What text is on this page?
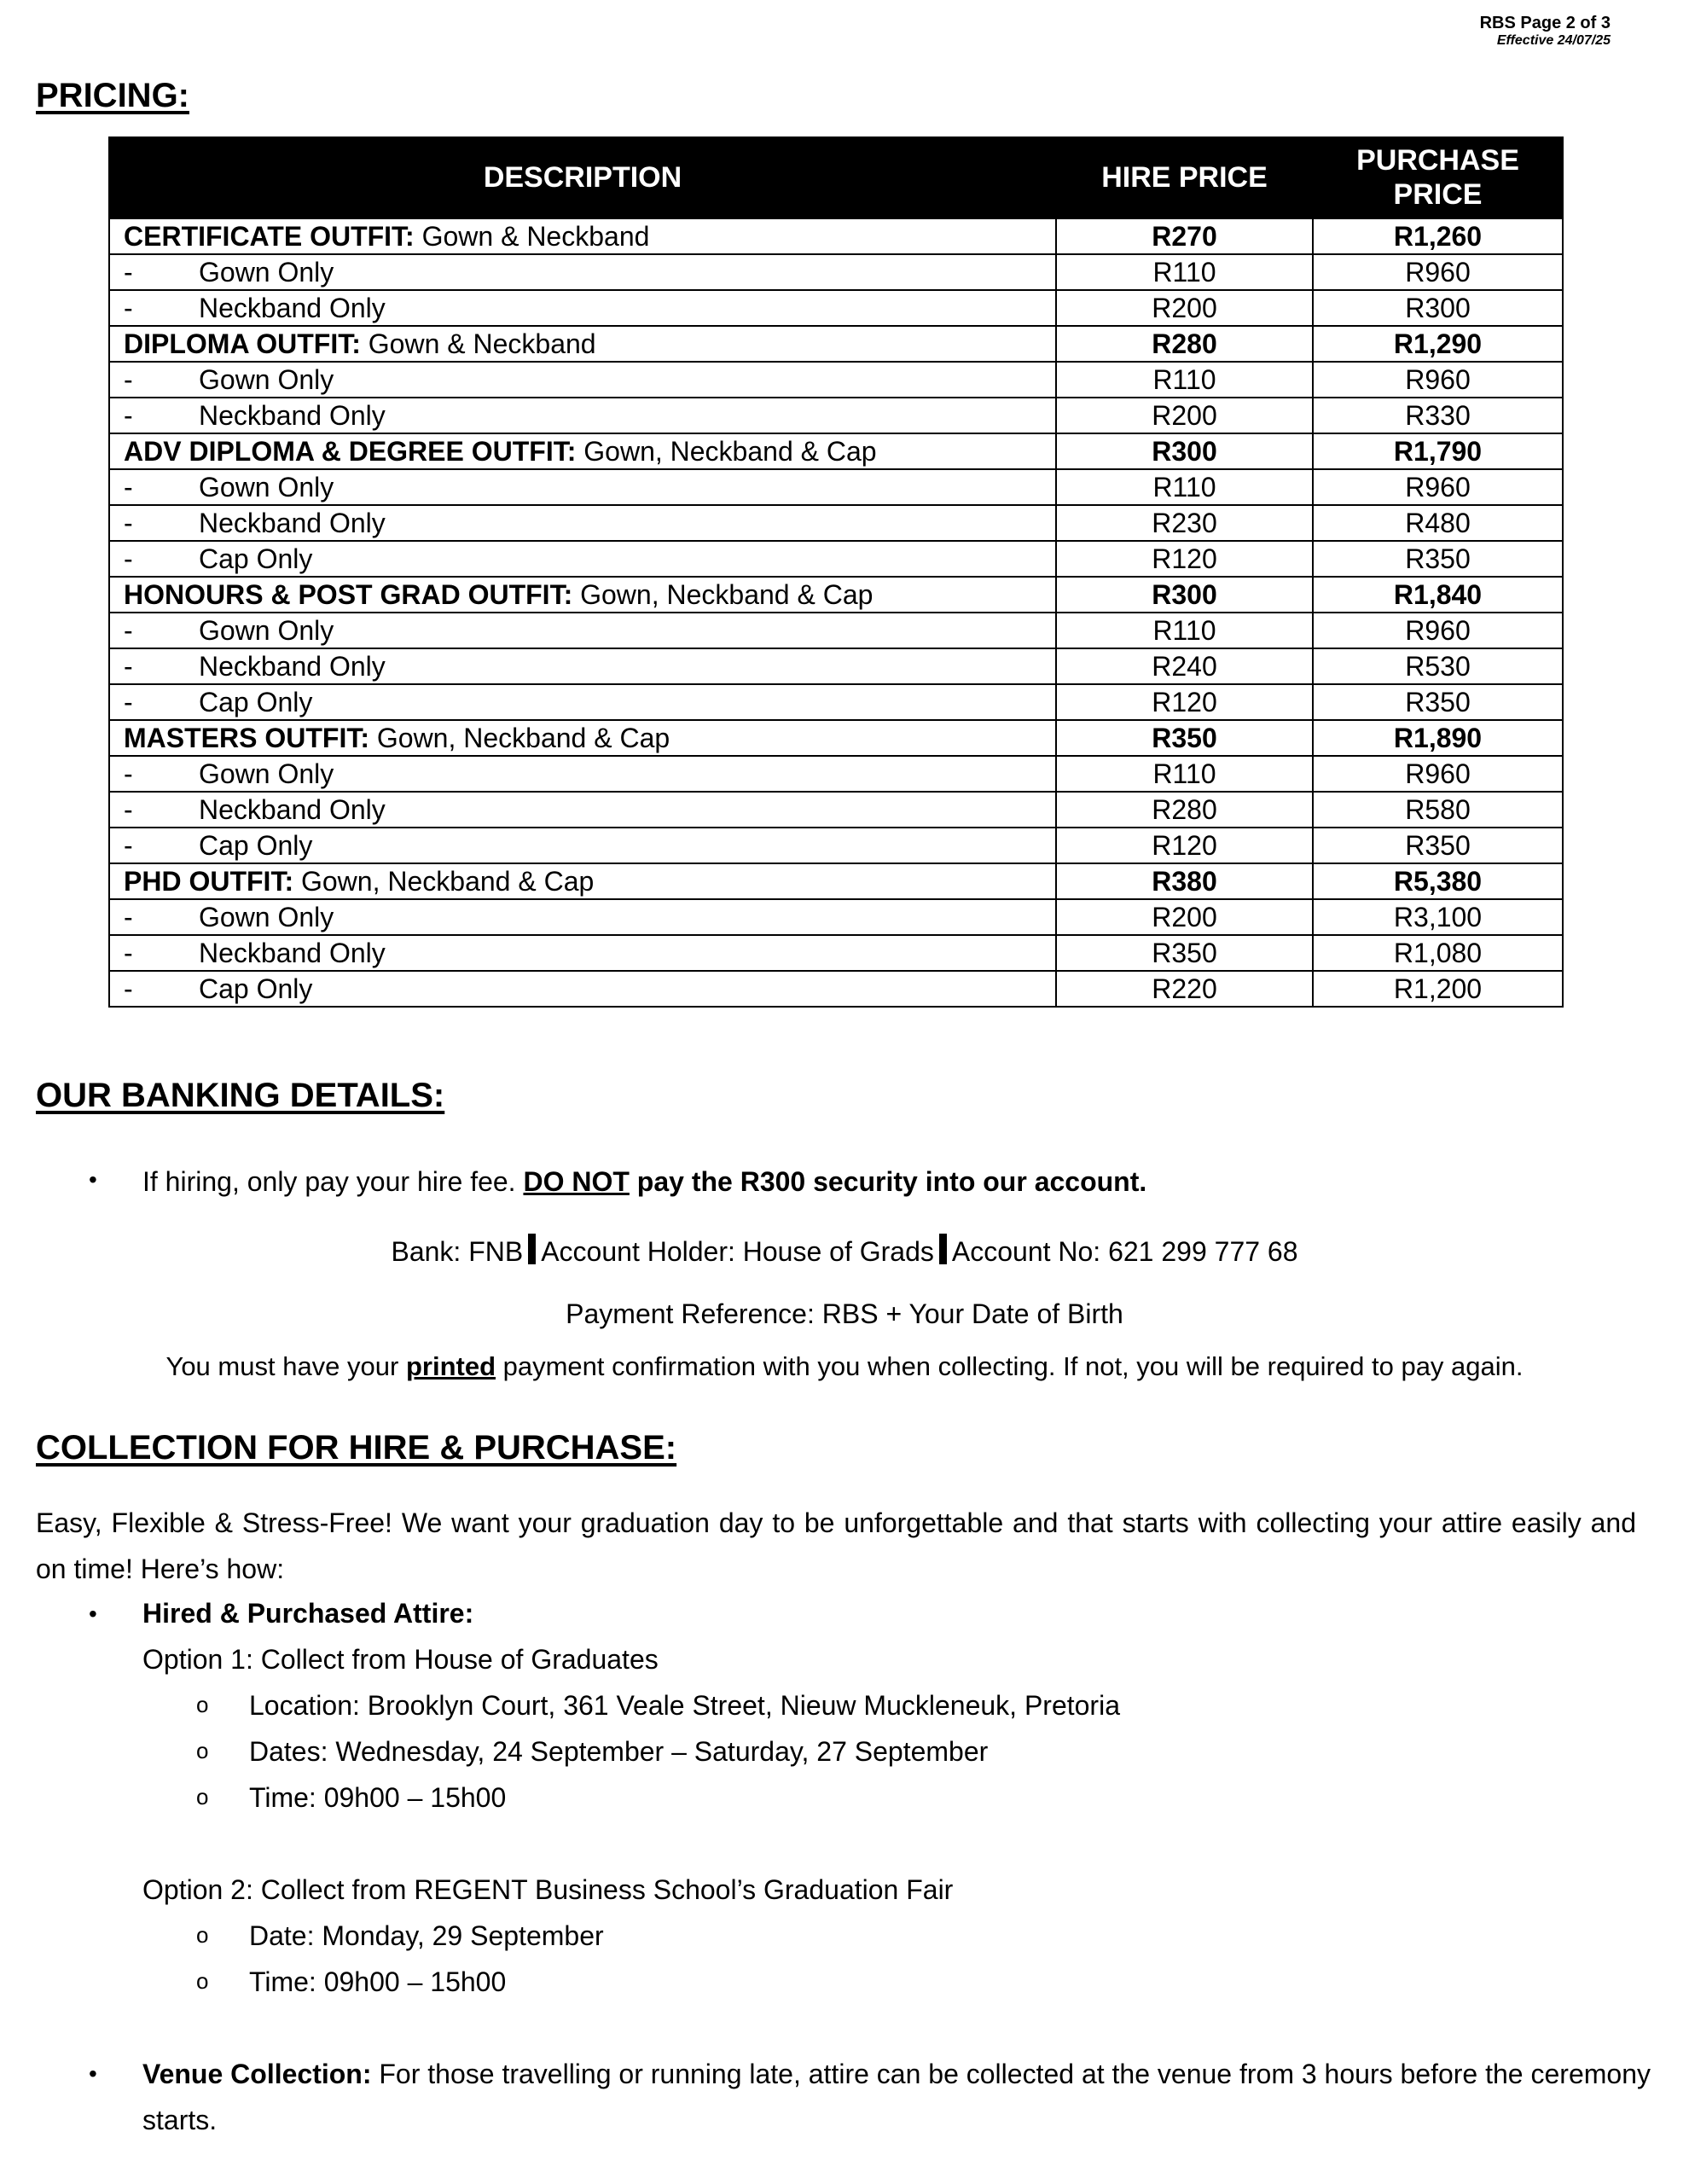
RBS Page 2 of 3
Effective 24/07/25
PRICING:
DESCRIPTION	HIRE PRICE	PURCHASE
PRICE
CERTIFICATE OUTFIT: Gown & Neckband	R270	R1,260
- Gown Only	R110	R960
- Neckband Only	R200	R300
DIPLOMA OUTFIT: Gown & Neckband	R280	R1,290
- Gown Only	R110	R960
- Neckband Only	R200	R330
ADV DIPLOMA & DEGREE OUTFIT: Gown, Neckband & Cap	R300	R1,790
- Gown Only	R110	R960
- Neckband Only	R230	R480
- Cap Only	R120	R350
HONOURS & POST GRAD OUTFIT: Gown, Neckband & Cap	R300	R1,840
- Gown Only	R110	R960
- Neckband Only	R240	R530
- Cap Only	R120	R350
MASTERS OUTFIT: Gown, Neckband & Cap	R350	R1,890
- Gown Only	R110	R960
- Neckband Only	R280	R580
- Cap Only	R120	R350
PHD OUTFIT: Gown, Neckband & Cap	R380	R5,380
- Gown Only	R200	R3,100
- Neckband Only	R350	R1,080
- Cap Only	R220	R1,200
OUR BANKING DETAILS:
• If hiring, only pay your hire fee. DO NOT pay the R300 security into our account.
Bank: FNB Account Holder: House of Grads Account No: 621 299 777 68
Payment Reference: RBS + Your Date of Birth
You must have your printed payment confirmation with you when collecting. If not, you will be required to pay again.
COLLECTION FOR HIRE & PURCHASE:
Easy, Flexible & Stress-Free! We want your graduation day to be unforgettable and that starts with collecting your attire easily and on time! Here’s how:
• Hired & Purchased Attire:
Option 1: Collect from House of Graduates
o Location: Brooklyn Court, 361 Veale Street, Nieuw Muckleneuk, Pretoria
o Dates: Wednesday, 24 September – Saturday, 27 September
o Time: 09h00 – 15h00
Option 2: Collect from REGENT Business School’s Graduation Fair
o Date: Monday, 29 September
o Time: 09h00 – 15h00
• Venue Collection: For those travelling or running late, attire can be collected at the venue from 3 hours before the ceremony
starts.
